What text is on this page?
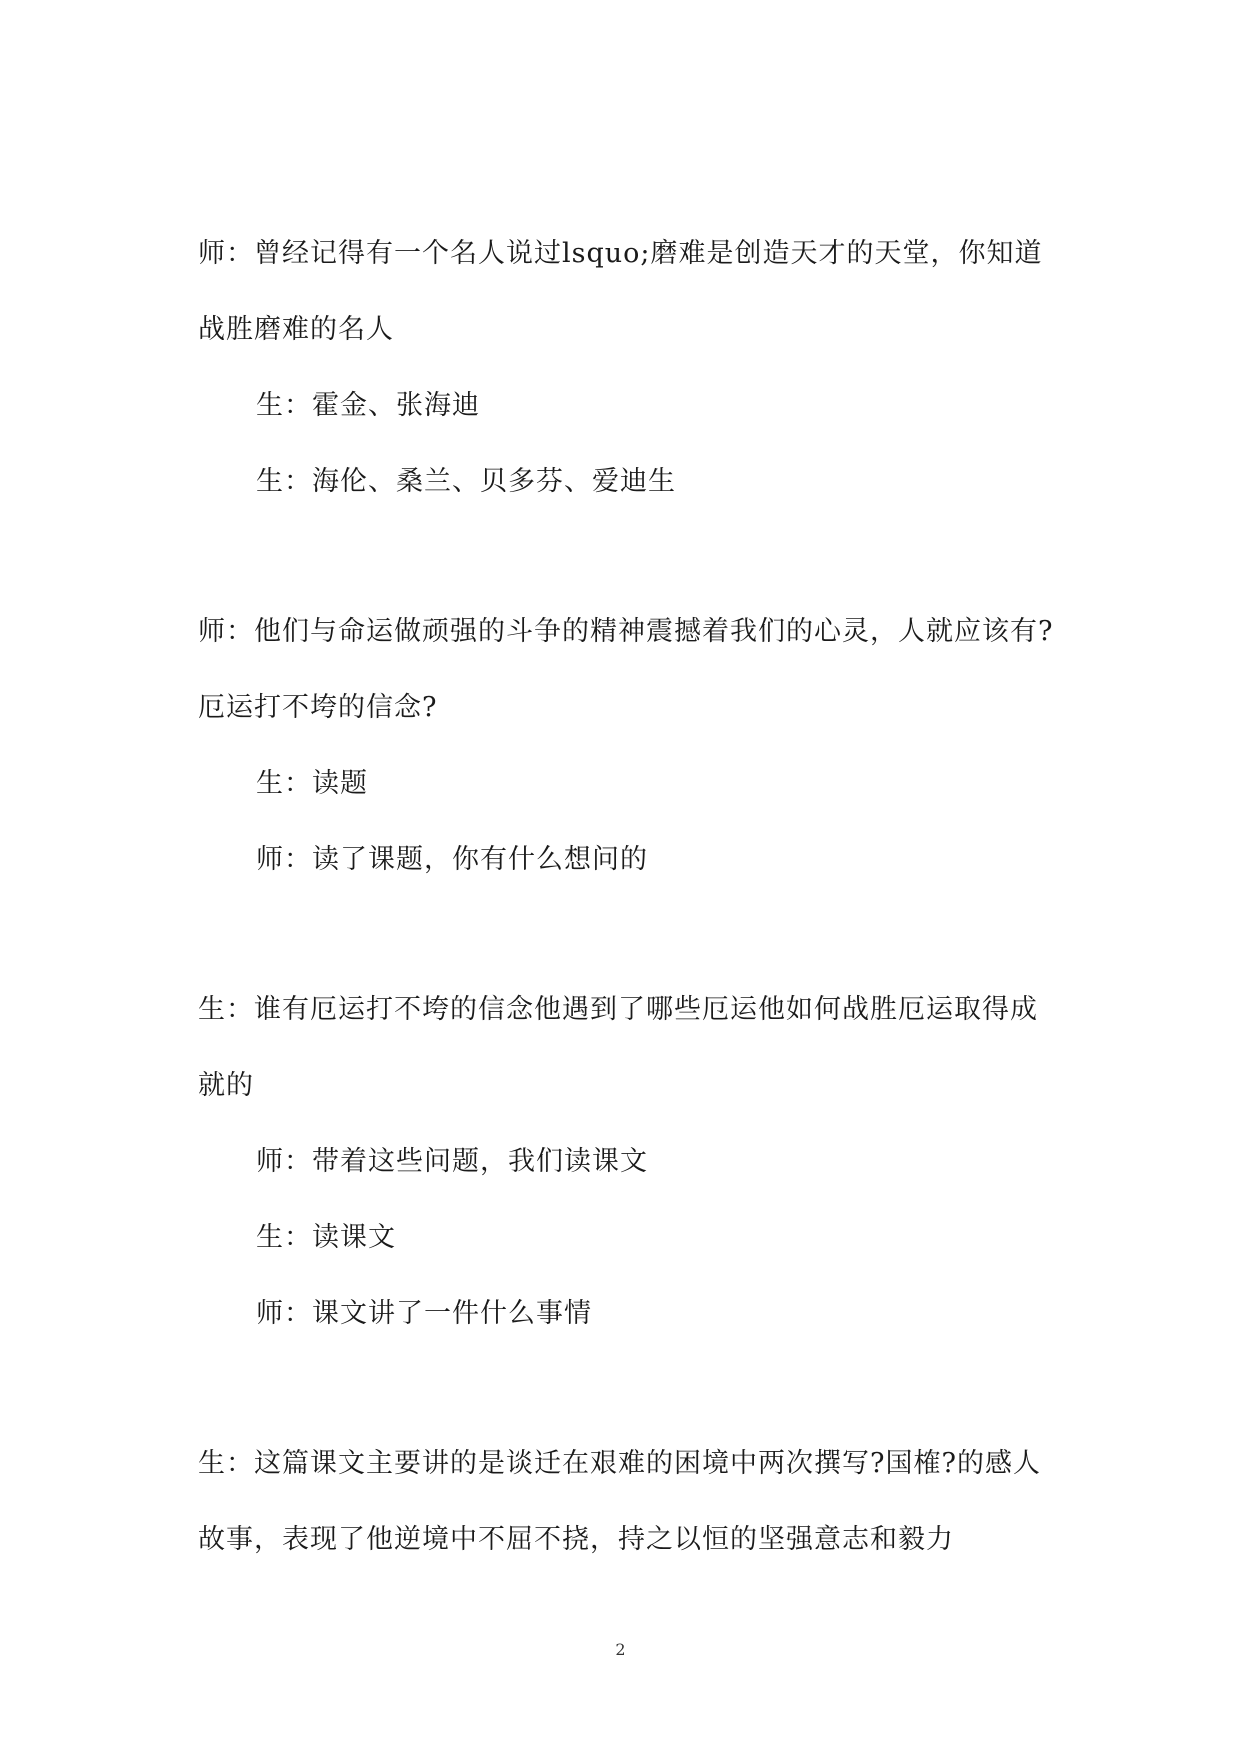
师：曾经记得有一个名人说过lsquo;磨难是创造天才的天堂，你知道战胜磨难的名人

生：霍金、张海迪

生：海伦、桑兰、贝多芬、爱迪生

师：他们与命运做顽强的斗争的精神震撼着我们的心灵，人就应该有?厄运打不垮的信念?

生：读题

师：读了课题，你有什么想问的

生：谁有厄运打不垮的信念他遇到了哪些厄运他如何战胜厄运取得成就的

师：带着这些问题，我们读课文

生：读课文

师：课文讲了一件什么事情

生：这篇课文主要讲的是谈迁在艰难的困境中两次撰写?国榷?的感人故事，表现了他逆境中不屈不挠，持之以恒的坚强意志和毅力

2
